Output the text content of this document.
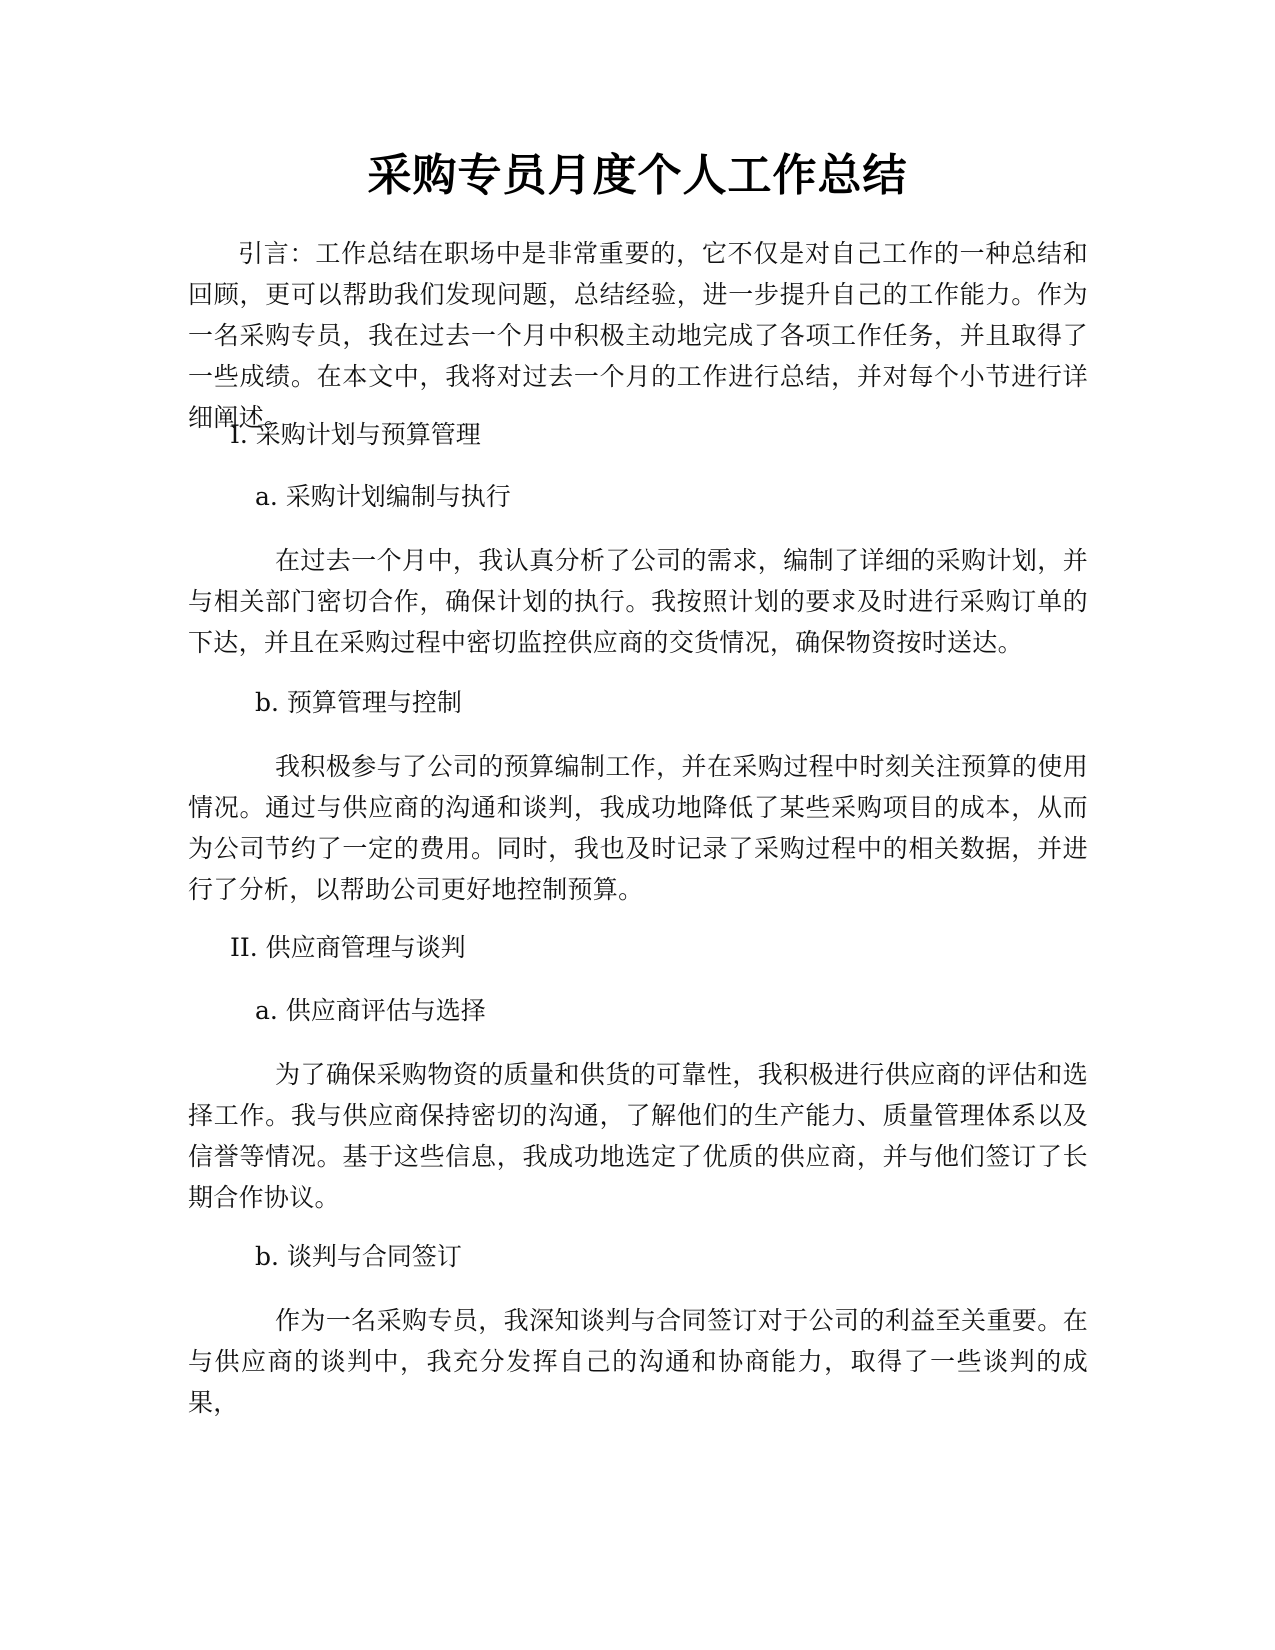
采购专员月度个人工作总结

引言：工作总结在职场中是非常重要的，它不仅是对自己工作的一种总结和回顾，更可以帮助我们发现问题，总结经验，进一步提升自己的工作能力。作为一名采购专员，我在过去一个月中积极主动地完成了各项工作任务，并且取得了一些成绩。在本文中，我将对过去一个月的工作进行总结，并对每个小节进行详细阐述。

I. 采购计划与预算管理

a. 采购计划编制与执行

在过去一个月中，我认真分析了公司的需求，编制了详细的采购计划，并与相关部门密切合作，确保计划的执行。我按照计划的要求及时进行采购订单的下达，并且在采购过程中密切监控供应商的交货情况，确保物资按时送达。

b. 预算管理与控制

我积极参与了公司的预算编制工作，并在采购过程中时刻关注预算的使用情况。通过与供应商的沟通和谈判，我成功地降低了某些采购项目的成本，从而为公司节约了一定的费用。同时，我也及时记录了采购过程中的相关数据，并进行了分析，以帮助公司更好地控制预算。

II. 供应商管理与谈判

a. 供应商评估与选择

为了确保采购物资的质量和供货的可靠性，我积极进行供应商的评估和选择工作。我与供应商保持密切的沟通，了解他们的生产能力、质量管理体系以及信誉等情况。基于这些信息，我成功地选定了优质的供应商，并与他们签订了长期合作协议。

b. 谈判与合同签订

作为一名采购专员，我深知谈判与合同签订对于公司的利益至关重要。在与供应商的谈判中，我充分发挥自己的沟通和协商能力，取得了一些谈判的成果，
